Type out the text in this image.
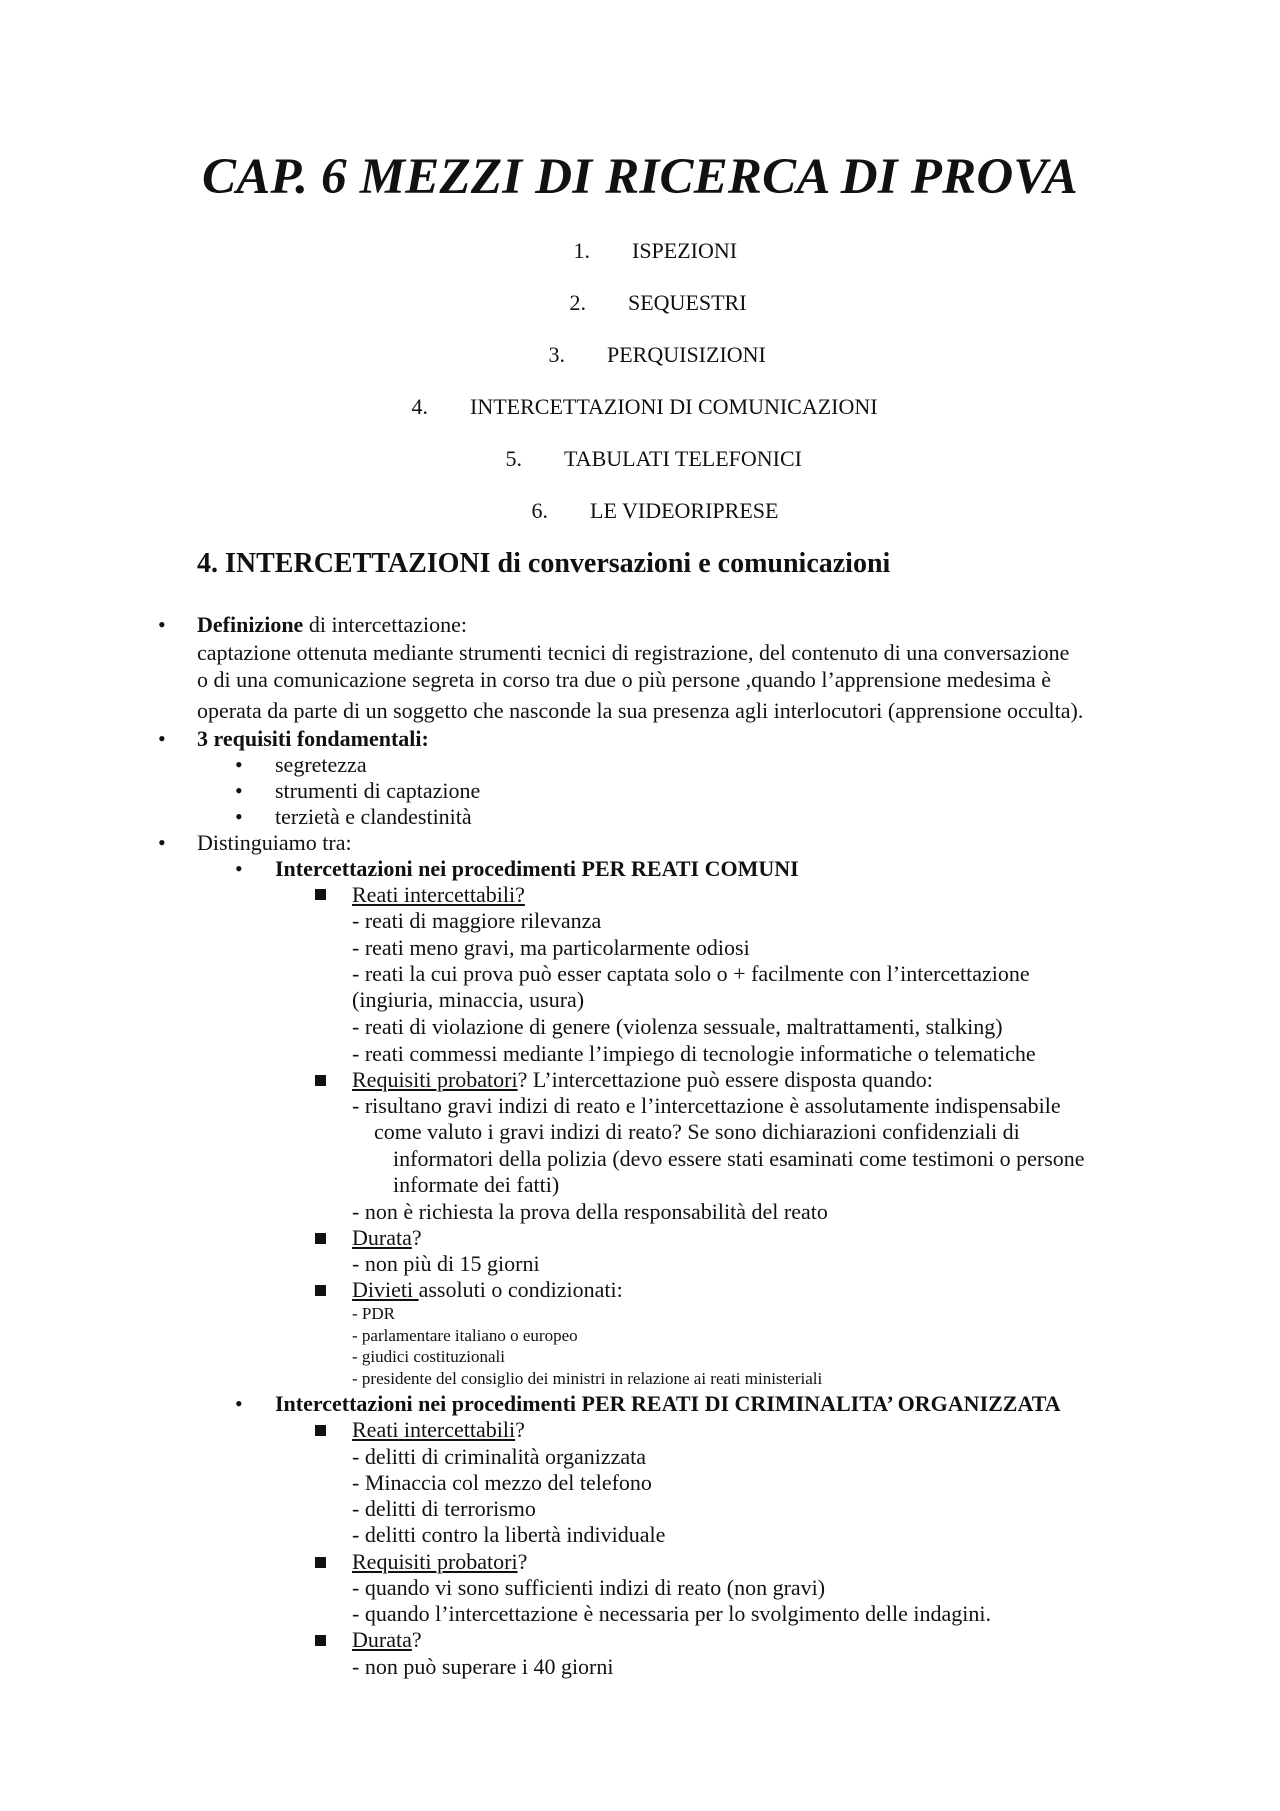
CAP. 6 MEZZI DI RICERCA DI PROVA
1. ISPEZIONI
2. SEQUESTRI
3. PERQUISIZIONI
4. INTERCETTAZIONI DI COMUNICAZIONI
5. TABULATI TELEFONICI
6. LE VIDEORIPRESE
4. INTERCETTAZIONI di conversazioni e comunicazioni
• Definizione di intercettazione:
captazione ottenuta mediante strumenti tecnici di registrazione, del contenuto di una conversazione
o di una comunicazione segreta in corso tra due o più persone ,quando l’apprensione medesima è
operata da parte di un soggetto che nasconde la sua presenza agli interlocutori (apprensione occulta).
• 3 requisiti fondamentali:
• segretezza
• strumenti di captazione
• terzietà e clandestinità
• Distinguiamo tra:
• Intercettazioni nei procedimenti PER REATI COMUNI
Reati intercettabili?
- reati di maggiore rilevanza
- reati meno gravi, ma particolarmente odiosi
- reati la cui prova può esser captata solo o + facilmente con l’intercettazione
(ingiuria, minaccia, usura)
- reati di violazione di genere (violenza sessuale, maltrattamenti, stalking)
- reati commessi mediante l’impiego di tecnologie informatiche o telematiche
Requisiti probatori? L’intercettazione può essere disposta quando:
- risultano gravi indizi di reato e l’intercettazione è assolutamente indispensabile
come valuto i gravi indizi di reato? Se sono dichiarazioni confidenziali di
informatori della polizia (devo essere stati esaminati come testimoni o persone
informate dei fatti)
- non è richiesta la prova della responsabilità del reato
Durata?
- non più di 15 giorni
Divieti assoluti o condizionati:
- PDR
- parlamentare italiano o europeo
- giudici costituzionali
- presidente del consiglio dei ministri in relazione ai reati ministeriali
• Intercettazioni nei procedimenti PER REATI DI CRIMINALITA’ ORGANIZZATA
Reati intercettabili?
- delitti di criminalità organizzata
- Minaccia col mezzo del telefono
- delitti di terrorismo
- delitti contro la libertà individuale
Requisiti probatori?
- quando vi sono sufficienti indizi di reato (non gravi)
- quando l’intercettazione è necessaria per lo svolgimento delle indagini.
Durata?
- non può superare i 40 giorni
